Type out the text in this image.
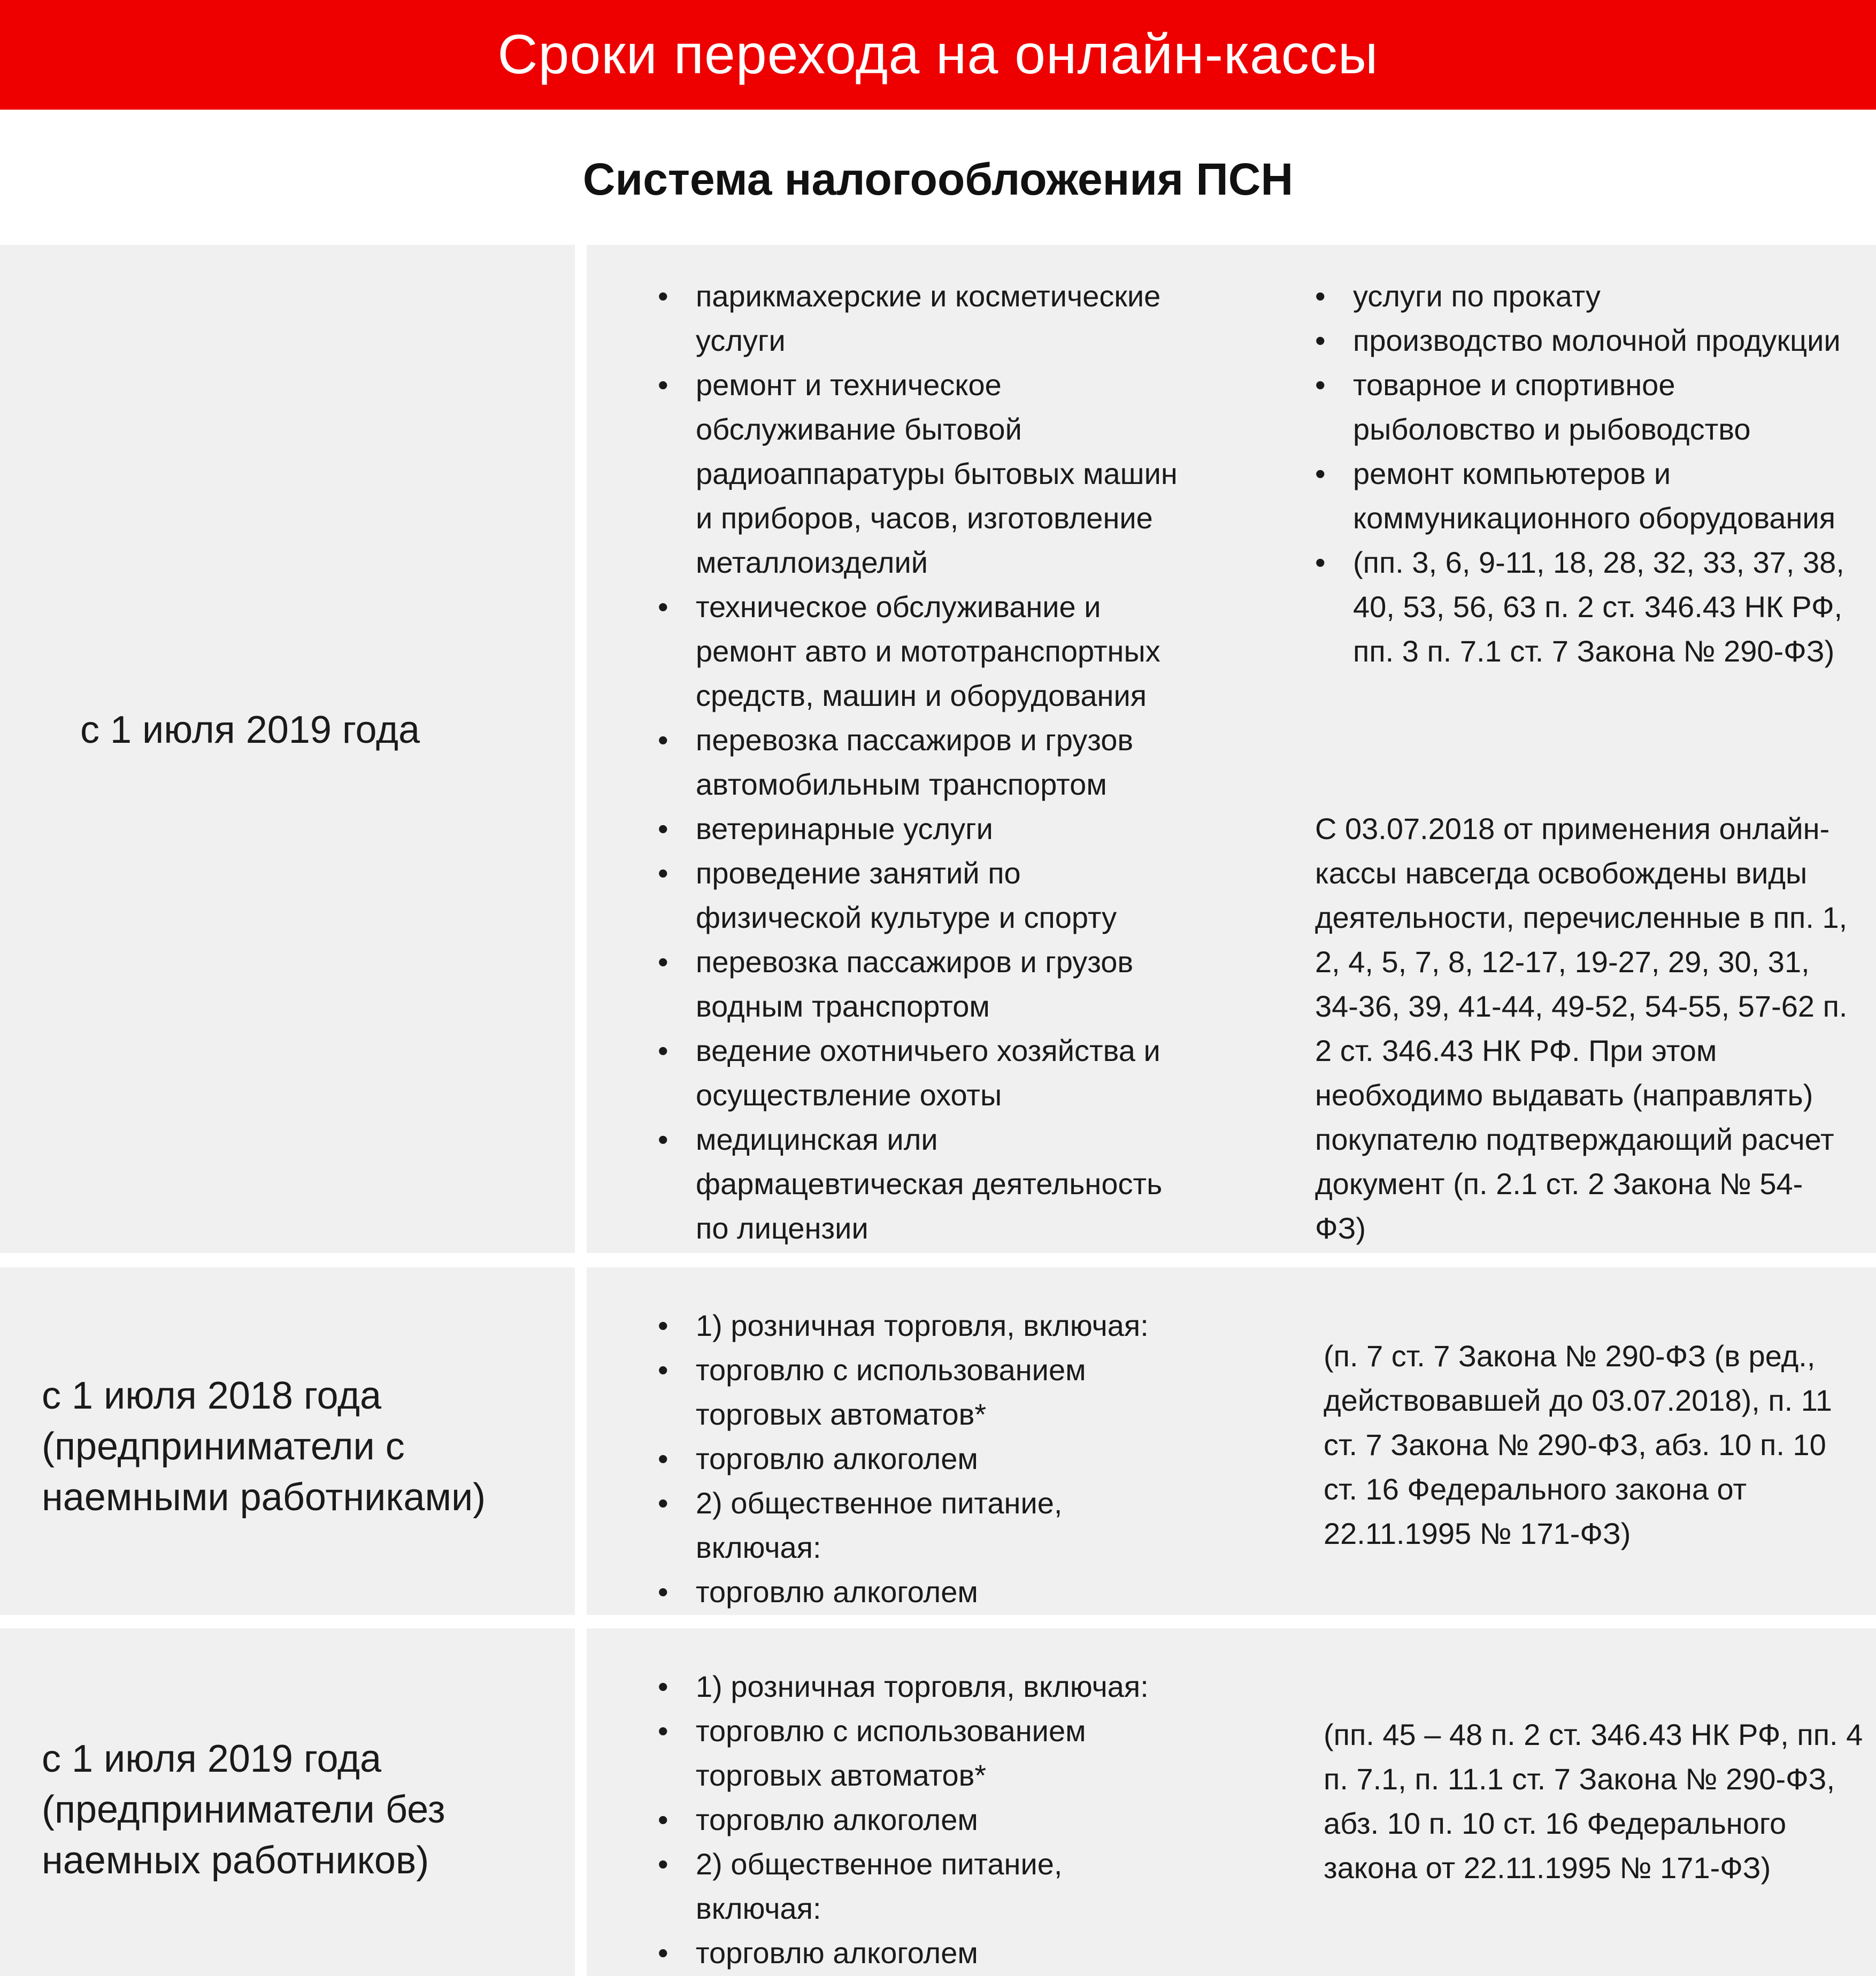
Сроки перехода на онлайн-кассы
Система налогообложения ПСН
с 1 июля 2019 года
• парикмахерские и косметические услуги
• ремонт и техническое обслуживание бытовой радиоаппаратуры бытовых машин и приборов, часов, изготовление металлоизделий
• техническое обслуживание и ремонт авто и мототранспортных средств, машин и оборудования
• перевозка пассажиров и грузов автомобильным транспортом
• ветеринарные услуги
• проведение занятий по физической культуре и спорту
• перевозка пассажиров и грузов водным транспортом
• ведение охотничьего хозяйства и осуществление охоты
• медицинская или фармацевтическая деятельность по лицензии
• услуги по прокату
• производство молочной продукции
• товарное и спортивное рыболовство и рыбоводство
• ремонт компьютеров и коммуникационного оборудования
• (пп. 3, 6, 9-11, 18, 28, 32, 33, 37, 38, 40, 53, 56, 63 п. 2 ст. 346.43 НК РФ, пп. 3 п. 7.1 ст. 7 Закона № 290-ФЗ)
С 03.07.2018 от применения онлайн-кассы навсегда освобождены виды деятельности, перечисленные в пп. 1, 2, 4, 5, 7, 8, 12-17, 19-27, 29, 30, 31, 34-36, 39, 41-44, 49-52, 54-55, 57-62 п. 2 ст. 346.43 НК РФ. При этом необходимо выдавать (направлять) покупателю подтверждающий расчет документ (п. 2.1 ст. 2 Закона № 54-ФЗ)
с 1 июля 2018 года (предприниматели с наемными работниками)
• 1) розничная торговля, включая:
• торговлю с использованием торговых автоматов*
• торговлю алкоголем
• 2) общественное питание, включая:
• торговлю алкоголем
(п. 7 ст. 7 Закона № 290-ФЗ (в ред., действовавшей до 03.07.2018), п. 11 ст. 7 Закона № 290-ФЗ, абз. 10 п. 10 ст. 16 Федерального закона от 22.11.1995 № 171-ФЗ)
с 1 июля 2019 года (предприниматели без наемных работников)
• 1) розничная торговля, включая:
• торговлю с использованием торговых автоматов*
• торговлю алкоголем
• 2) общественное питание, включая:
• торговлю алкоголем
(пп. 45 – 48 п. 2 ст. 346.43 НК РФ, пп. 4 п. 7.1, п. 11.1 ст. 7 Закона № 290-ФЗ, абз. 10 п. 10 ст. 16 Федерального закона от 22.11.1995 № 171-ФЗ)
